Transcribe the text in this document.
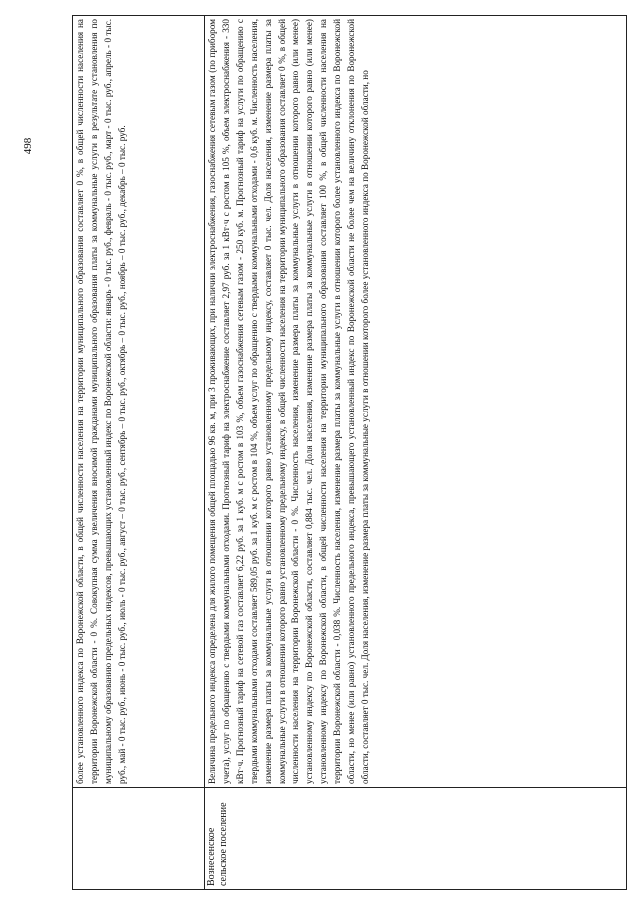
498
		более установленного индекса по Воронежской области, в общей численности населения на территории муниципального образования составляет 0 %, в общей численности населения на территории Воронежской области - 0 %. Совокупная сумма увеличения вносимой гражданами муниципального образования платы за коммунальные услуги в результате установления по муниципальному образованию предельных индексов, превышающих установленный индекс по Воронежской области: январь - 0 тыс. руб., февраль - 0 тыс. руб., март - 0 тыс. руб., апрель - 0 тыс. руб., май - 0 тыс. руб., июнь - 0 тыс. руб., июль - 0 тыс. руб., август – 0 тыс. руб., сентябрь – 0 тыс. руб., октябрь – 0 тыс. руб., ноябрь – 0 тыс. руб., декабрь – 0 тыс. руб.
Вознесенское сельское поселение	Величина предельного индекса определена для жилого помещения общей площадью 96 кв. м, при 3 проживающих, при наличии электроснабжения, газоснабжения сетевым газом (по прибором учета), услуг по обращению с твердыми коммунальными отходами. Прогнозный тариф на электроснабжение составляет 2,97 руб. за 1 кВт·ч с ростом в 105 %, объем электроснабжения - 330 кВт·ч. Прогнозный тариф на сетевой газ составляет 6,22 руб. за 1 куб. м с ростом в 103 %, объем газоснабжения сетевым газом - 250 куб. м. Прогнозный тариф на услуги по обращению с твердыми коммунальными отходами составляет 589,05 руб. за 1 куб. м с ростом в 104 %, объем услуг по обращению с твердыми коммунальными отходами - 0,6 куб. м. Численность населения, изменение размера платы за коммунальные услуги в отношении которого равно установленному предельному индексу, составляет 0 тыс. чел. Доля населения, изменение размера платы за коммунальные услуги в отношении которого равно установленному предельному индексу, в общей численности населения на территории муниципального образования составляет 0 %, в общей численности населения на территории Воронежской области - 0 %. Численность населения, изменение размера платы за коммунальные услуги в отношении которого равно (или менее) установленному индексу по Воронежской области, составляет 0,884 тыс. чел. Доля населения, изменение размера платы за коммунальные услуги в отношении которого равно (или менее) установленному индексу по Воронежской области, в общей численности населения на территории муниципального образования составляет 100 %, в общей численности населения на территории Воронежской области - 0,038 %. Численность населения, изменение размера платы за коммунальные услуги в отношении которого более установленного индекса по Воронежской области, но менее (или равно) установленного предельного индекса, превышающего установленный индекс по Воронежской области не более чем на величину отклонения по Воронежской области, составляет 0 тыс. чел. Доля населения, изменение размера платы за коммунальные услуги в отношении которого более установленного индекса по Воронежской области, но
